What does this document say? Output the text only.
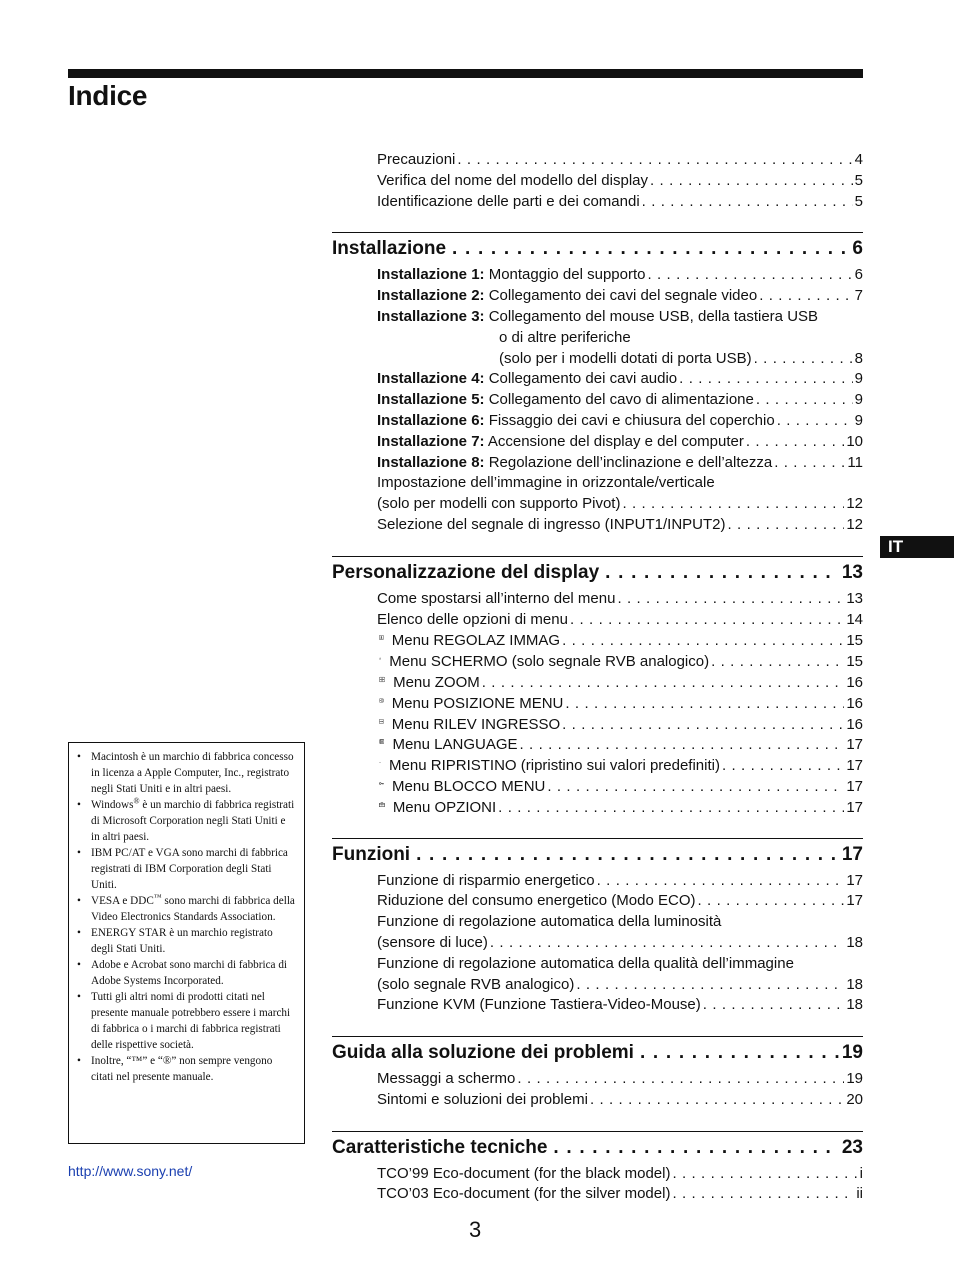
Indice
Precauzioni . . .	4
Verifica del nome del modello del display . . .	5
Identificazione delle parti e dei comandi . . .	5
Installazione . . .	6
Installazione 1: Montaggio del supporto . . .	6
Installazione 2: Collegamento dei cavi del segnale video . . .	7
Installazione 3: Collegamento del mouse USB, della tastiera USB
o di altre periferiche
(solo per i modelli dotati di porta USB) . . .	8
Installazione 4: Collegamento dei cavi audio . . .	9
Installazione 5: Collegamento del cavo di alimentazione . . .	9
Installazione 6: Fissaggio dei cavi e chiusura del coperchio . . .	9
Installazione 7: Accensione del display e del computer . . .	10
Installazione 8: Regolazione dell’inclinazione e dell’altezza . . .	11
Impostazione dell’immagine in orizzontale/verticale
(solo per modelli con supporto Pivot) . . .	12
Selezione del segnale di ingresso (INPUT1/INPUT2) . . .	12
Personalizzazione del display . . .	13
Come spostarsi all’interno del menu . . .	13
Elenco delle opzioni di menu . . .	14
Menu REGOLAZ IMMAG . . .	15
Menu SCHERMO (solo segnale RVB analogico) . . .	15
Menu ZOOM . . .	16
Menu POSIZIONE MENU . . .	16
Menu RILEV INGRESSO . . .	16
Menu LANGUAGE . . .	17
Menu RIPRISTINO (ripristino sui valori predefiniti) . . .	17
Menu BLOCCO MENU . . .	17
Menu OPZIONI . . .	17
Funzioni . . .	17
Funzione di risparmio energetico . . .	17
Riduzione del consumo energetico (Modo ECO) . . .	17
Funzione di regolazione automatica della luminosità
(sensore di luce) . . .	18
Funzione di regolazione automatica della qualità dell’immagine
(solo segnale RVB analogico) . . .	18
Funzione KVM (Funzione Tastiera-Video-Mouse) . . .	18
Guida alla soluzione dei problemi . . .	19
Messaggi a schermo . . .	19
Sintomi e soluzioni dei problemi . . .	20
Caratteristiche tecniche . . .	23
TCO’99 Eco-document (for the black model) . . .	i
TCO’03 Eco-document (for the silver model) . . .	ii
IT
• Macintosh è un marchio di fabbrica concesso in licenza a Apple Computer, Inc., registrato negli Stati Uniti e in altri paesi.
• Windows® è un marchio di fabbrica registrati di Microsoft Corporation negli Stati Uniti e in altri paesi.
• IBM PC/AT e VGA sono marchi di fabbrica registrati di IBM Corporation degli Stati Uniti.
• VESA e DDC™ sono marchi di fabbrica della Video Electronics Standards Association.
• ENERGY STAR è un marchio registrato degli Stati Uniti.
• Adobe e Acrobat sono marchi di fabbrica di Adobe Systems Incorporated.
• Tutti gli altri nomi di prodotti citati nel presente manuale potrebbero essere i marchi di fabbrica o i marchi di fabbrica registrati delle rispettive società.
• Inoltre, “™” e “®” non sempre vengono citati nel presente manuale.
http://www.sony.net/
3
